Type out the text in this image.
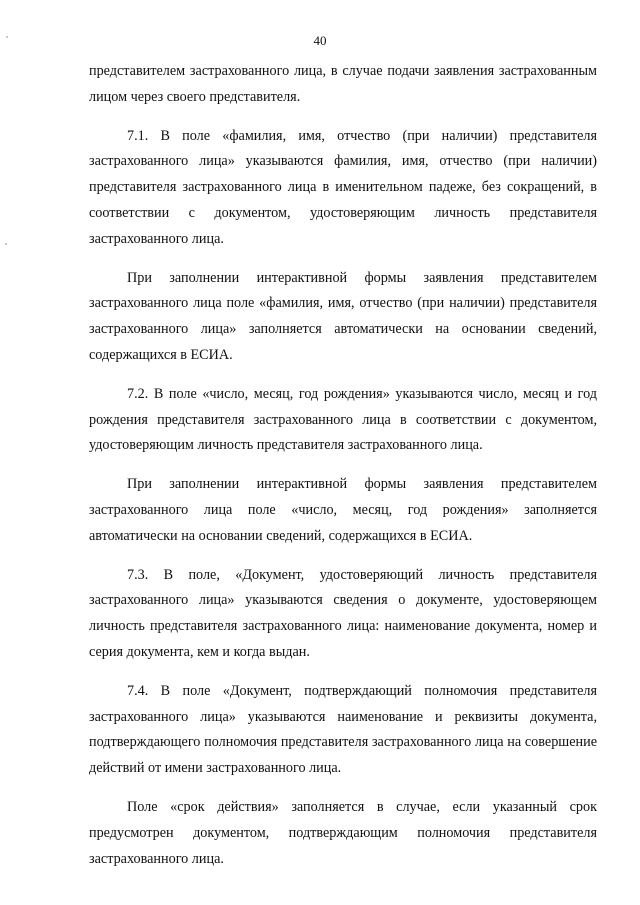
40

представителем застрахованного лица, в случае подачи заявления застрахованным лицом через своего представителя.

7.1. В поле «фамилия, имя, отчество (при наличии) представителя застрахованного лица» указываются фамилия, имя, отчество (при наличии) представителя застрахованного лица в именительном падеже, без сокращений, в соответствии с документом, удостоверяющим личность представителя застрахованного лица.

При заполнении интерактивной формы заявления представителем застрахованного лица поле «фамилия, имя, отчество (при наличии) представителя застрахованного лица» заполняется автоматически на основании сведений, содержащихся в ЕСИА.

7.2. В поле «число, месяц, год рождения» указываются число, месяц и год рождения представителя застрахованного лица в соответствии с документом, удостоверяющим личность представителя застрахованного лица.

При заполнении интерактивной формы заявления представителем застрахованного лица поле «число, месяц, год рождения» заполняется автоматически на основании сведений, содержащихся в ЕСИА.

7.3. В поле, «Документ, удостоверяющий личность представителя застрахованного лица» указываются сведения о документе, удостоверяющем личность представителя застрахованного лица: наименование документа, номер и серия документа, кем и когда выдан.

7.4. В поле «Документ, подтверждающий полномочия представителя застрахованного лица» указываются наименование и реквизиты документа, подтверждающего полномочия представителя застрахованного лица на совершение действий от имени застрахованного лица.

Поле «срок действия» заполняется в случае, если указанный срок предусмотрен документом, подтверждающим полномочия представителя застрахованного лица.
